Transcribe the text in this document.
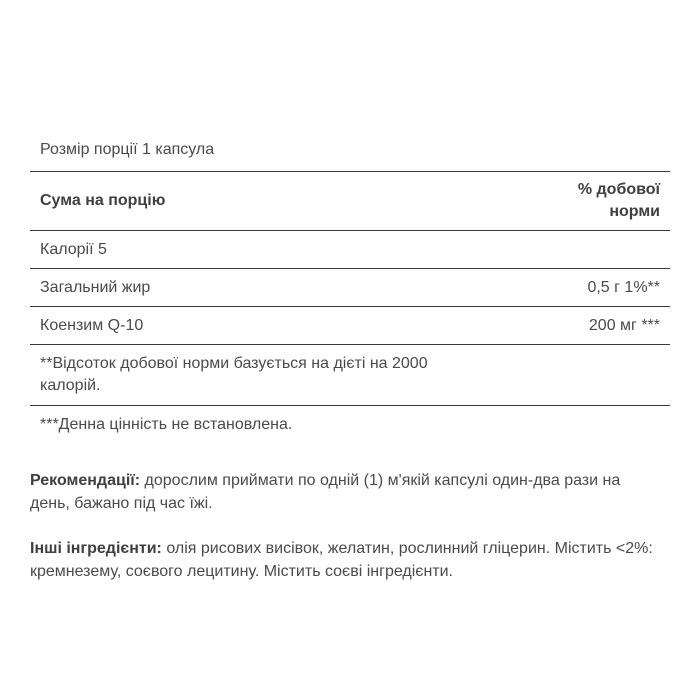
Розмір порції 1 капсула	
Сума на порцію	% добової
норми
Калорії 5	
Загальний жир	0,5 г 1%**
Коензим Q-10	200 мг ***
**Відсоток добової норми базується на дієті на 2000 калорій.	
***Денна цінність не встановлена.	

Рекомендації: дорослим приймати по одній (1) м'якій капсулі один-два рази на день, бажано під час їжі.

Інші інгредієнти: олія рисових висівок, желатин, рослинний гліцерин. Містить <2%: кремнезему, соєвого лецитину. Містить соєві інгредієнти.
